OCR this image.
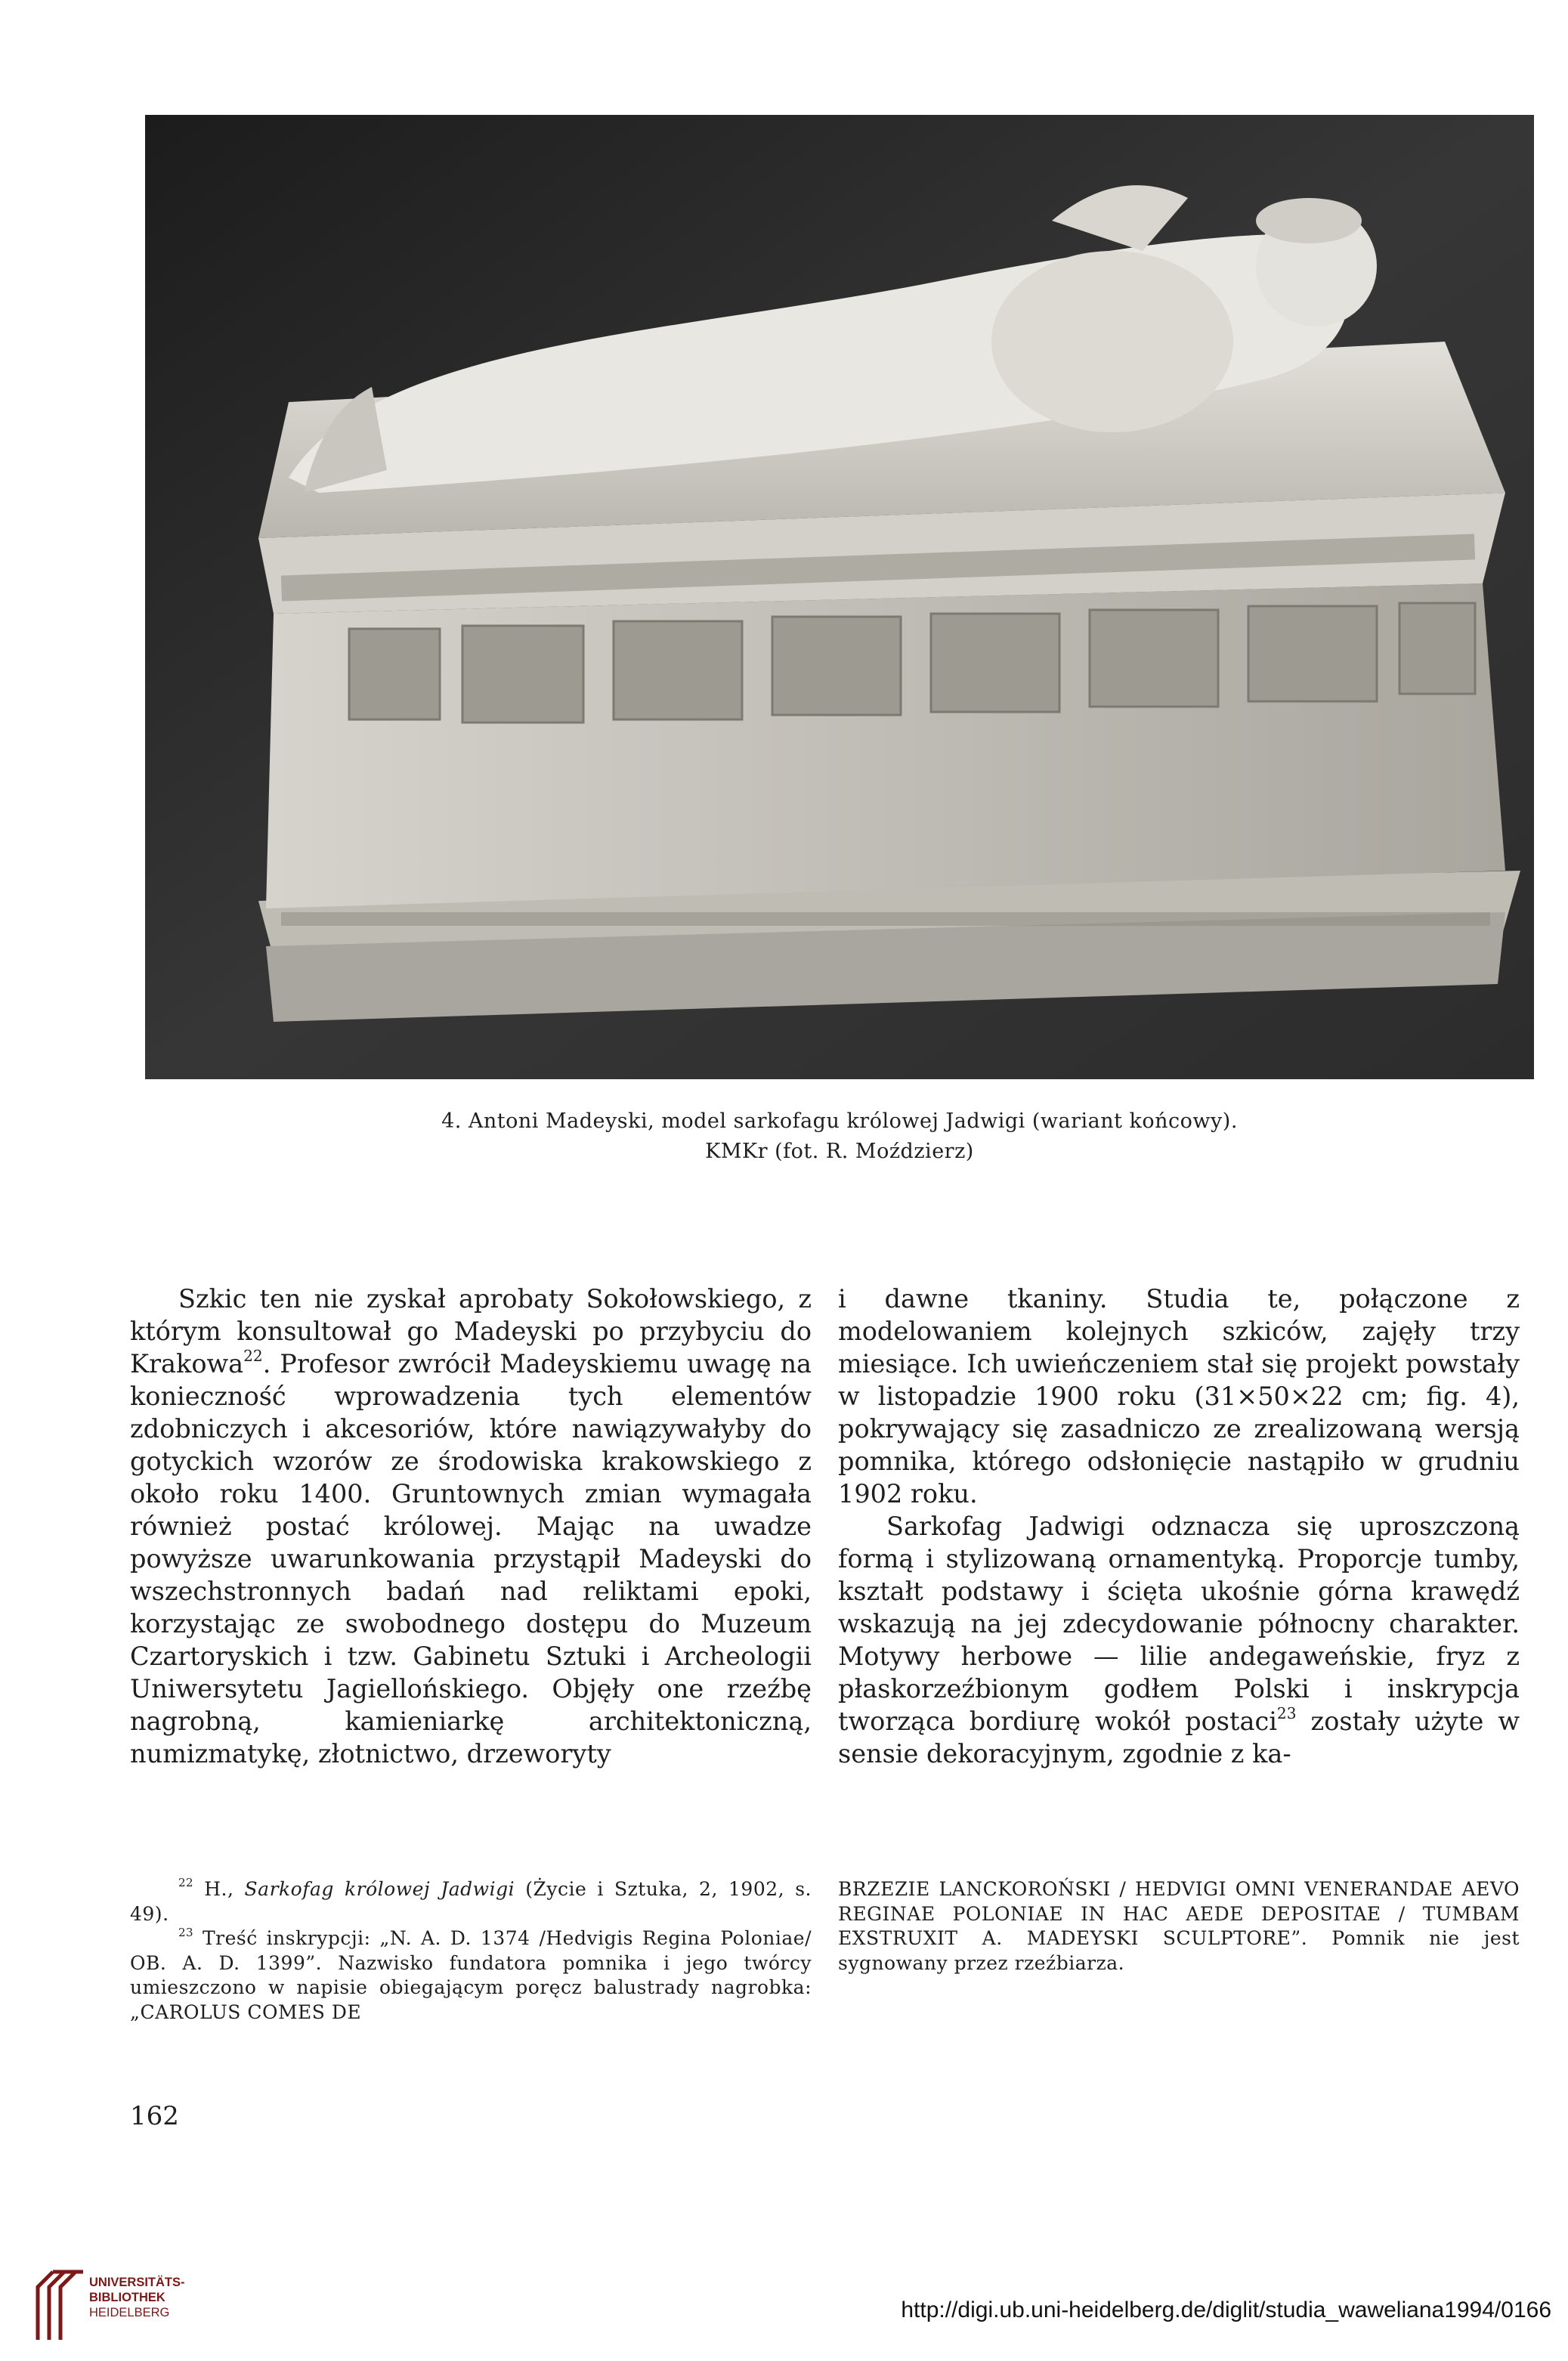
4. Antoni Madeyski, model sarkofagu królowej Jadwigi (wariant końcowy).
KMKr (fot. R. Moździerz)

Szkic ten nie zyskał aprobaty Sokołowskiego, z którym konsultował go Madeyski po przybyciu do Krakowa$^{22}$. Profesor zwrócił Madeyskiemu uwagę na konieczność wprowadzenia tych elementów zdobniczych i akcesoriów, które nawiązywałyby do gotyckich wzorów ze środowiska krakowskiego z około roku 1400. Gruntownych zmian wymagała również postać królowej. Mając na uwadze powyższe uwarunkowania przystąpił Madeyski do wszechstronnych badań nad reliktami epoki, korzystając ze swobodnego dostępu do Muzeum Czartoryskich i tzw. Gabinetu Sztuki i Archeologii Uniwersytetu Jagiellońskiego. Objęły one rzeźbę nagrobną, kamieniarkę architektoniczną, numizmatykę, złotnictwo, drzeworyty

i dawne tkaniny. Studia te, połączone z modelowaniem kolejnych szkiców, zajęły trzy miesiące. Ich uwieńczeniem stał się projekt powstały w listopadzie 1900 roku (31×50×22 cm; fig. 4), pokrywający się zasadniczo ze zrealizowaną wersją pomnika, którego odsłonięcie nastąpiło w grudniu 1902 roku.

Sarkofag Jadwigi odznacza się uproszczoną formą i stylizowaną ornamentyką. Proporcje tumby, kształt podstawy i ścięta ukośnie górna krawędź wskazują na jej zdecydowanie północny charakter. Motywy herbowe — lilie andegaweńskie, fryz z płaskorzeźbionym godłem Polski i inskrypcja tworząca bordiurę wokół postaci$^{23}$ zostały użyte w sensie dekoracyjnym, zgodnie z ka-

$^{22}$ H., Sarkofag królowej Jadwigi (Życie i Sztuka, 2, 1902, s. 49).

$^{23}$ Treść inskrypcji: „N. A. D. 1374 /Hedvigis Regina Poloniae/ OB. A. D. 1399”. Nazwisko fundatora pomnika i jego twórcy umieszczono w napisie obiegającym poręcz balustrady nagrobka: „CAROLUS COMES DE

BRZEZIE LANCKOROŃSKI / HEDVIGI OMNI VENERANDAE AEVO REGINAE POLONIAE IN HAC AEDE DEPOSITAE / TUMBAM EXSTRUXIT A. MADEYSKI SCULPTORE”. Pomnik nie jest sygnowany przez rzeźbiarza.

162
UNIVERSITÄTS-
BIBLIOTHEK
HEIDELBERG	http://digi.ub.uni-heidelberg.de/diglit/studia_waweliana1994/0166
